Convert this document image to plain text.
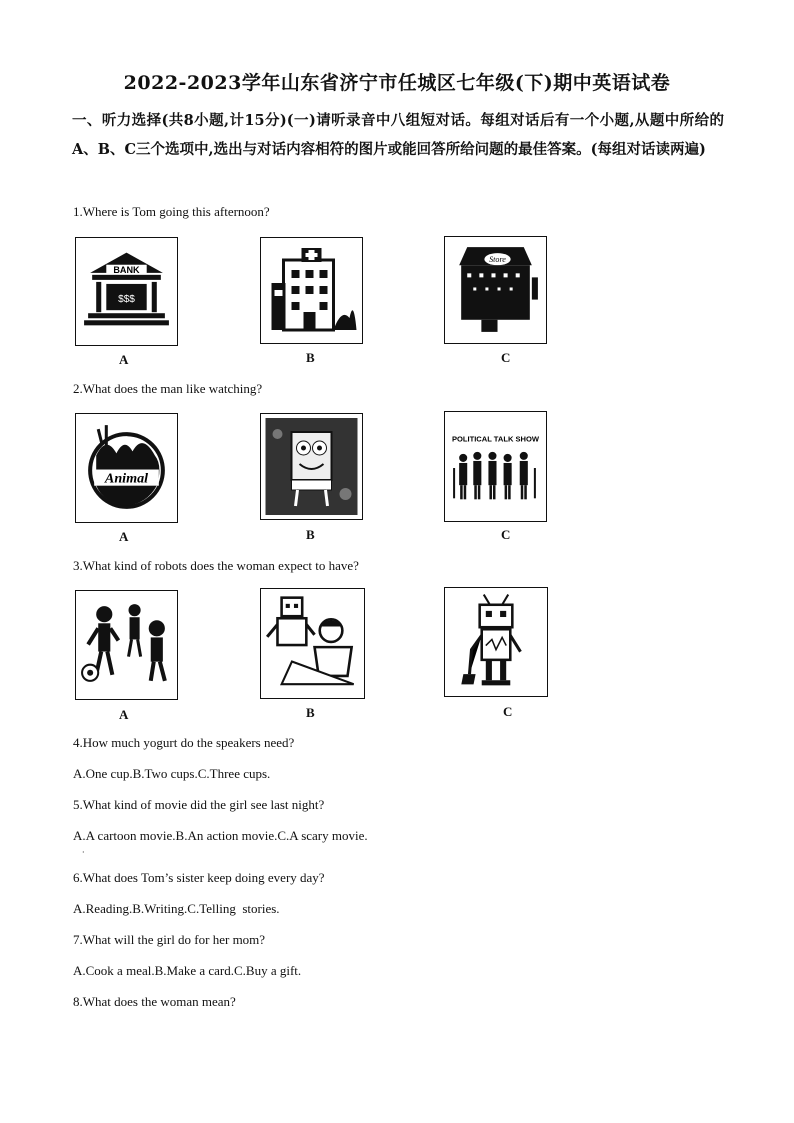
2022-2023学年山东省济宁市任城区七年级(下)期中英语试卷
一、听力选择(共8小题,计15分)(一)请听录音中八组短对话。每组对话后有一个小题,从题中所给的A、B、C三个选项中,选出与对话内容相符的图片或能回答所给问题的最佳答案。(每组对话读两遍)
1.Where is Tom going this afternoon?
BANK
$$$
A	B
Store
C
2.What does the man like watching?
Animal
A	B
POLITICAL TALK SHOW
C
3.What kind of robots does the woman expect to have?
A	B	C
4.How much yogurt do the speakers need?
A.One cup.B.Two cups.C.Three cups.
5.What kind of movie did the girl see last night?
A.A cartoon movie.B.An action movie.C.A scary movie.
·
6.What does Tom’s sister keep doing every day?
A.Reading.B.Writing.C.Telling  stories.
7.What will the girl do for her mom?
A.Cook a meal.B.Make a card.C.Buy a gift.
8.What does the woman mean?
